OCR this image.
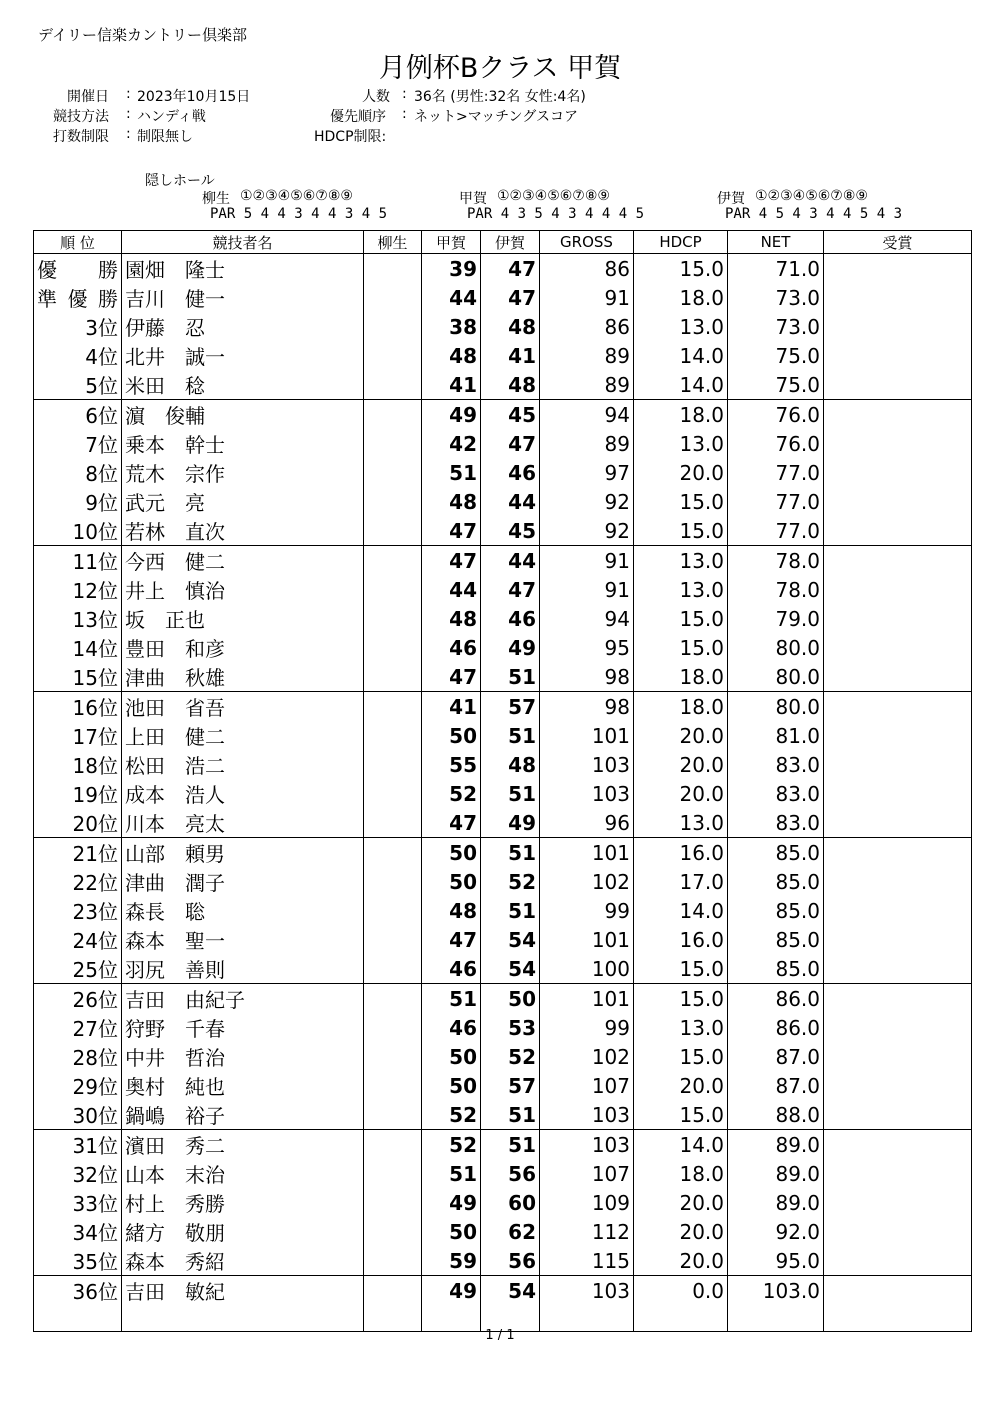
デイリー信楽カントリー倶楽部
月例杯Bクラス 甲賀
開催日 : 2023年10月15日
競技方法 : ハンディ戦
打数制限 : 制限無し
人数 : 36名 (男性:32名 女性:4名)
優先順序 : ネット>マッチングスコア
HDCP制限:
隠しホール
柳生 ①②③④⑤⑥⑦⑧⑨
PAR 5 4 4 3 4 4 3 4 5
甲賀 ①②③④⑤⑥⑦⑧⑨
PAR 4 3 5 4 3 4 4 4 5
伊賀 ①②③④⑤⑥⑦⑧⑨
PAR 4 5 4 3 4 4 5 4 3
順 位	競技者名	柳生	甲賀	伊賀	GROSS	HDCP	NET	受賞
優 勝	園畑　隆士		39	47	86	15.0	71.0	
準優勝	吉川　健一		44	47	91	18.0	73.0	
3位	伊藤　忍		38	48	86	13.0	73.0	
4位	北井　誠一		48	41	89	14.0	75.0	
5位	米田　稔		41	48	89	14.0	75.0	
6位	濵　俊輔		49	45	94	18.0	76.0	
7位	乗本　幹士		42	47	89	13.0	76.0	
8位	荒木　宗作		51	46	97	20.0	77.0	
9位	武元　亮		48	44	92	15.0	77.0	
10位	若林　直次		47	45	92	15.0	77.0	
11位	今西　健二		47	44	91	13.0	78.0	
12位	井上　慎治		44	47	91	13.0	78.0	
13位	坂　正也		48	46	94	15.0	79.0	
14位	豊田　和彦		46	49	95	15.0	80.0	
15位	津曲　秋雄		47	51	98	18.0	80.0	
16位	池田　省吾		41	57	98	18.0	80.0	
17位	上田　健二		50	51	101	20.0	81.0	
18位	松田　浩二		55	48	103	20.0	83.0	
19位	成本　浩人		52	51	103	20.0	83.0	
20位	川本　亮太		47	49	96	13.0	83.0	
21位	山部　頼男		50	51	101	16.0	85.0	
22位	津曲　潤子		50	52	102	17.0	85.0	
23位	森長　聡		48	51	99	14.0	85.0	
24位	森本　聖一		47	54	101	16.0	85.0	
25位	羽尻　善則		46	54	100	15.0	85.0	
26位	吉田　由紀子		51	50	101	15.0	86.0	
27位	狩野　千春		46	53	99	13.0	86.0	
28位	中井　哲治		50	52	102	15.0	87.0	
29位	奥村　純也		50	57	107	20.0	87.0	
30位	鍋嶋　裕子		52	51	103	15.0	88.0	
31位	濱田　秀二		52	51	103	14.0	89.0	
32位	山本　末治		51	56	107	18.0	89.0	
33位	村上　秀勝		49	60	109	20.0	89.0	
34位	緒方　敬朋		50	62	112	20.0	92.0	
35位	森本　秀紹		59	56	115	20.0	95.0	
36位	吉田　敏紀		49	54	103	0.0	103.0	

1 / 1
